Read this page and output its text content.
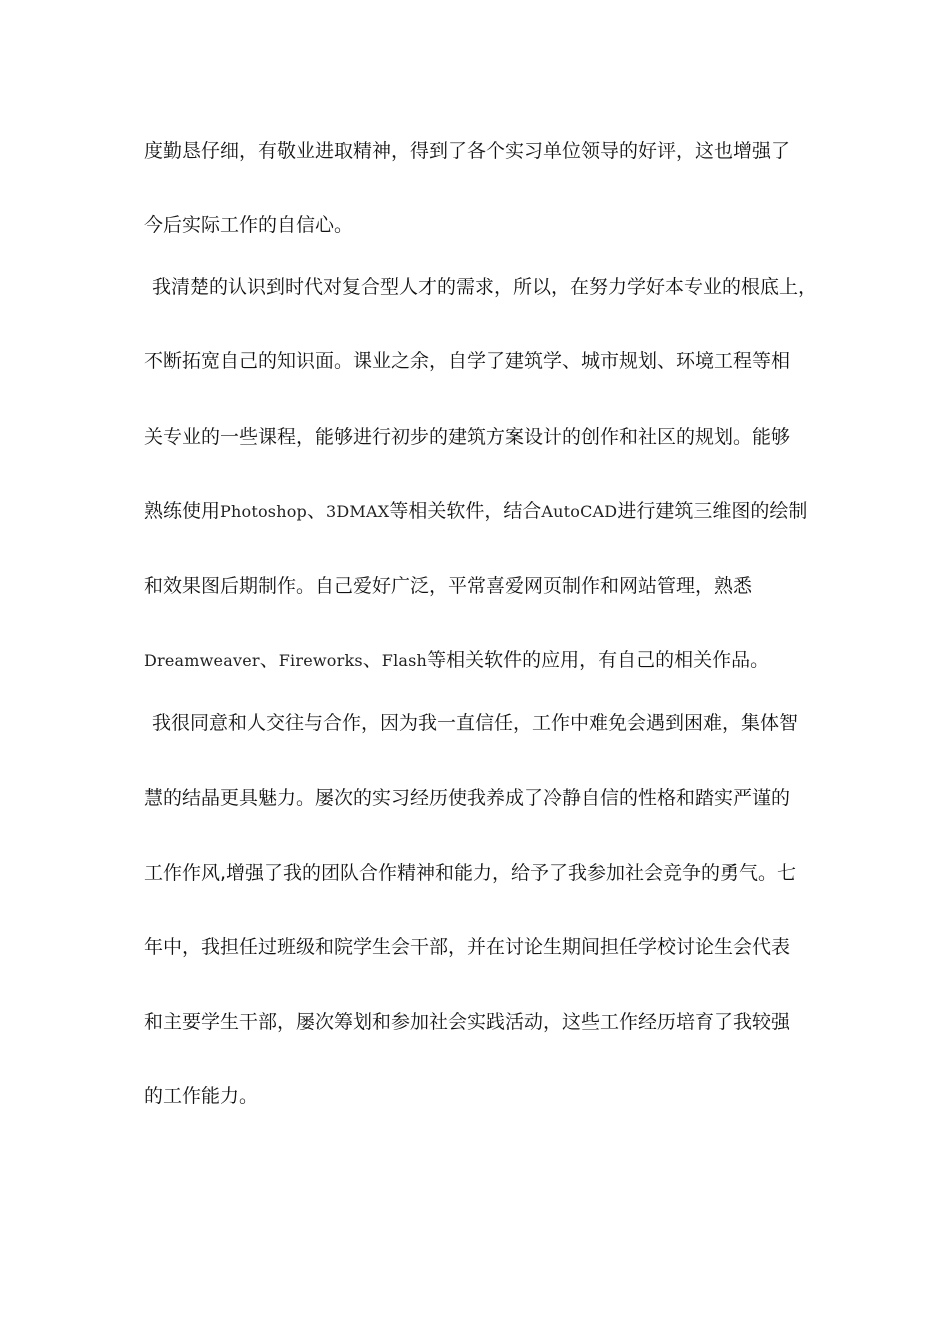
度勤恳仔细，有敬业进取精神，得到了各个实习单位领导的好评，这也增强了
今后实际工作的自信心。
我清楚的认识到时代对复合型人才的需求，所以，在努力学好本专业的根底上，
不断拓宽自己的知识面。课业之余，自学了建筑学、城市规划、环境工程等相
关专业的一些课程，能够进行初步的建筑方案设计的创作和社区的规划。能够
熟练使用Photoshop、3DMAX等相关软件，结合AutoCAD进行建筑三维图的绘制
和效果图后期制作。自己爱好广泛，平常喜爱网页制作和网站管理，熟悉
Dreamweaver、Fireworks、Flash等相关软件的应用，有自己的相关作品。
我很同意和人交往与合作，因为我一直信任，工作中难免会遇到困难，集体智
慧的结晶更具魅力。屡次的实习经历使我养成了冷静自信的性格和踏实严谨的
工作作风,增强了我的团队合作精神和能力，给予了我参加社会竞争的勇气。七
年中，我担任过班级和院学生会干部，并在讨论生期间担任学校讨论生会代表
和主要学生干部，屡次筹划和参加社会实践活动，这些工作经历培育了我较强
的工作能力。
